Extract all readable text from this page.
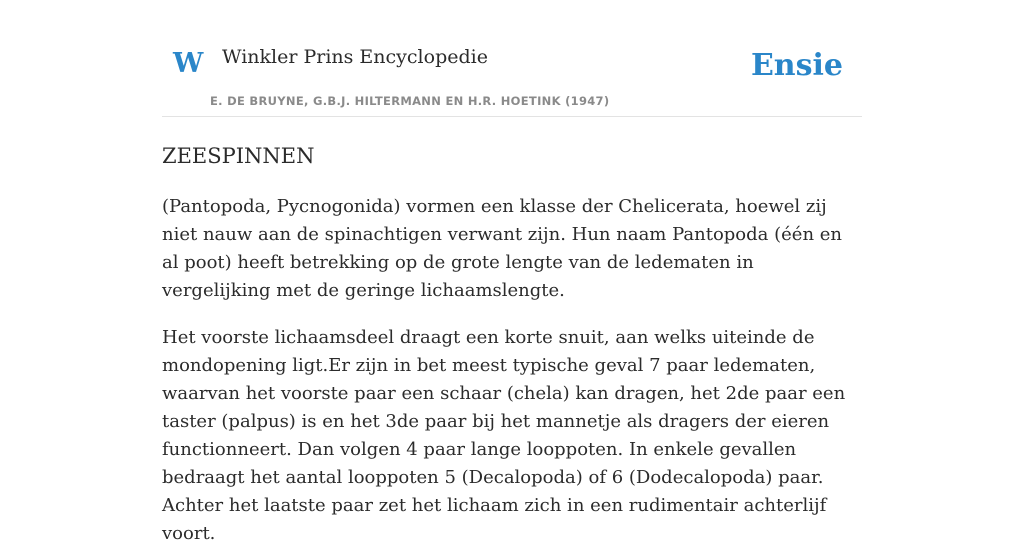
W Winkler Prins Encyclopedie
E. DE BRUYNE, G.B.J. HILTERMANN EN H.R. HOETINK (1947)
Ensie
ZEESPINNEN

(Pantopoda, Pycnogonida) vormen een klasse der Chelicerata, hoewel zij niet nauw aan de spinachtigen verwant zijn. Hun naam Pantopoda (één en al poot) heeft betrekking op de grote lengte van de ledematen in vergelijking met de geringe lichaamslengte.

Het voorste lichaamsdeel draagt een korte snuit, aan welks uiteinde de mondopening ligt.Er zijn in bet meest typische geval 7 paar ledematen, waarvan het voorste paar een schaar (chela) kan dragen, het 2de paar een taster (palpus) is en het 3de paar bij het mannetje als dragers der eieren functionneert. Dan volgen 4 paar lange looppoten. In enkele gevallen bedraagt het aantal looppoten 5 (Decalopoda) of 6 (Dodecalopoda) paar. Achter het laatste paar zet het lichaam zich in een rudimentair achterlijf voort.
